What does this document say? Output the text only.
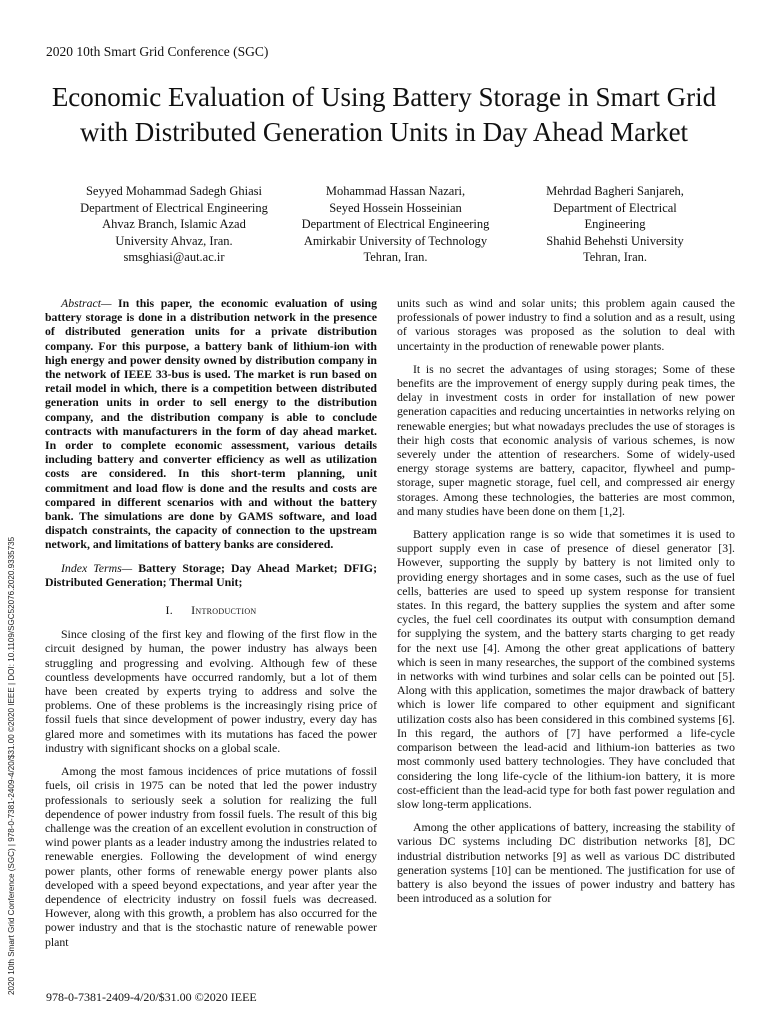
2020 10th Smart Grid Conference (SGC)
Economic Evaluation of Using Battery Storage in Smart Grid with Distributed Generation Units in Day Ahead Market
Seyyed Mohammad Sadegh Ghiasi
Department of Electrical Engineering
Ahvaz Branch, Islamic Azad
University Ahvaz, Iran.
smsghiasi@aut.ac.ir
Mohammad Hassan Nazari,
Seyed Hossein Hosseinian
Department of Electrical Engineering
Amirkabir University of Technology
Tehran, Iran.
Mehrdad Bagheri Sanjareh,
Department of Electrical
Engineering
Shahid Behehsti University
Tehran, Iran.
2020 10th Smart Grid Conference (SGC) | 978-0-7381-2409-4/20/$31.00 ©2020 IEEE | DOI: 10.1109/SGC52076.2020.9335735

Abstract— In this paper, the economic evaluation of using battery storage is done in a distribution network in the presence of distributed generation units for a private distribution company. For this purpose, a battery bank of lithium-ion with high energy and power density owned by distribution company in the network of IEEE 33-bus is used. The market is run based on retail model in which, there is a competition between distributed generation units in order to sell energy to the distribution company, and the distribution company is able to conclude contracts with manufacturers in the form of day ahead market. In order to complete economic assessment, various details including battery and converter efficiency as well as utilization costs are considered. In this short-term planning, unit commitment and load flow is done and the results and costs are compared in different scenarios with and without the battery bank. The simulations are done by GAMS software, and load dispatch constraints, the capacity of connection to the upstream network, and limitations of battery banks are considered.

Index Terms— Battery Storage; Day Ahead Market; DFIG; Distributed Generation; Thermal Unit;

I. Introduction

Since closing of the first key and flowing of the first flow in the circuit designed by human, the power industry has always been struggling and progressing and evolving. Although few of these countless developments have occurred randomly, but a lot of them have been created by experts trying to address and solve the problems. One of these problems is the increasingly rising price of fossil fuels that since development of power industry, every day has glared more and sometimes with its mutations has faced the power industry with significant shocks on a global scale.

Among the most famous incidences of price mutations of fossil fuels, oil crisis in 1975 can be noted that led the power industry professionals to seriously seek a solution for realizing the full dependence of power industry from fossil fuels. The result of this big challenge was the creation of an excellent evolution in construction of wind power plants as a leader industry among the industries related to renewable energies. Following the development of wind energy power plants, other forms of renewable energy power plants also developed with a speed beyond expectations, and year after year the dependence of electricity industry on fossil fuels was decreased. However, along with this growth, a problem has also occurred for the power industry and that is the stochastic nature of renewable power plant

units such as wind and solar units; this problem again caused the professionals of power industry to find a solution and as a result, using of various storages was proposed as the solution to deal with uncertainty in the production of renewable power plants.

It is no secret the advantages of using storages; Some of these benefits are the improvement of energy supply during peak times, the delay in investment costs in order for installation of new power generation capacities and reducing uncertainties in networks relying on renewable energies; but what nowadays precludes the use of storages is their high costs that economic analysis of various schemes, is now severely under the attention of researchers. Some of widely-used energy storage systems are battery, capacitor, flywheel and pump-storage, super magnetic storage, fuel cell, and compressed air energy storages. Among these technologies, the batteries are most common, and many studies have been done on them [1,2].

Battery application range is so wide that sometimes it is used to support supply even in case of presence of diesel generator [3]. However, supporting the supply by battery is not limited only to providing energy shortages and in some cases, such as the use of fuel cells, batteries are used to speed up system response for transient states. In this regard, the battery supplies the system and after some cycles, the fuel cell coordinates its output with consumption demand for supplying the system, and the battery starts charging to get ready for the next use [4]. Among the other great applications of battery which is seen in many researches, the support of the combined systems in networks with wind turbines and solar cells can be pointed out [5]. Along with this application, sometimes the major drawback of battery which is lower life compared to other equipment and significant utilization costs also has been considered in this combined systems [6]. In this regard, the authors of [7] have performed a life-cycle comparison between the lead-acid and lithium-ion batteries as two most commonly used battery technologies. They have concluded that considering the long life-cycle of the lithium-ion battery, it is more cost-efficient than the lead-acid type for both fast power regulation and slow long-term applications.

Among the other applications of battery, increasing the stability of various DC systems including DC distribution networks [8], DC industrial distribution networks [9] as well as various DC distributed generation systems [10] can be mentioned. The justification for use of battery is also beyond the issues of power industry and battery has been introduced as a solution for

978-0-7381-2409-4/20/$31.00 ©2020 IEEE
